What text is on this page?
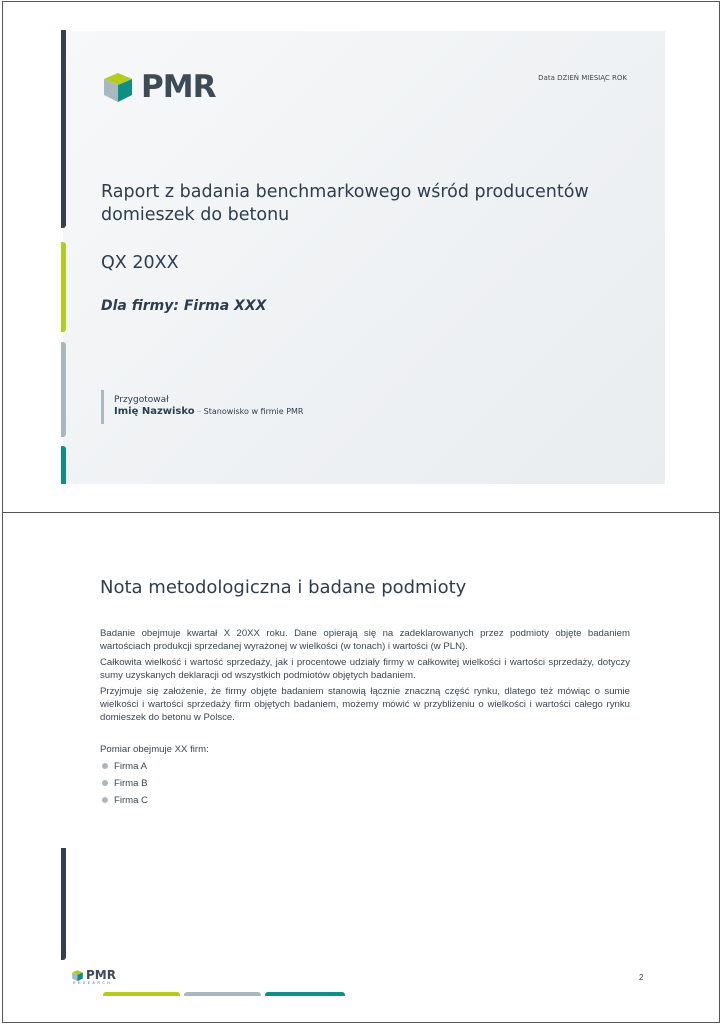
PMR	Data DZIEŃ MIESIĄC ROK
Raport z badania benchmarkowego wśród producentów domieszek do betonu
QX 20XX
Dla firmy: Firma XXX
Przygotował
Imię Nazwisko – Stanowisko w firmie PMR
Nota metodologiczna i badane podmioty

Badanie obejmuje kwartał X 20XX roku. Dane opierają się na zadeklarowanych przez podmioty objęte badaniem wartościach produkcji sprzedanej wyrażonej w wielkości (w tonach) i wartości (w PLN).

Całkowita wielkość i wartość sprzedaży, jak i procentowe udziały firmy w całkowitej wielkości i wartości sprzedaży, dotyczy sumy uzyskanych deklaracji od wszystkich podmiotów objętych badaniem.

Przyjmuje się założenie, że firmy objęte badaniem stanowią łącznie znaczną część rynku, dlatego też mówiąc o sumie wielkości i wartości sprzedaży firm objętych badaniem, możemy mówić w przybliżeniu o wielkości i wartości całego rynku domieszek do betonu w Polsce.

Pomiar obejmuje XX firm:

Firma A
Firma B
Firma C
PMR
RESEARCH
2
